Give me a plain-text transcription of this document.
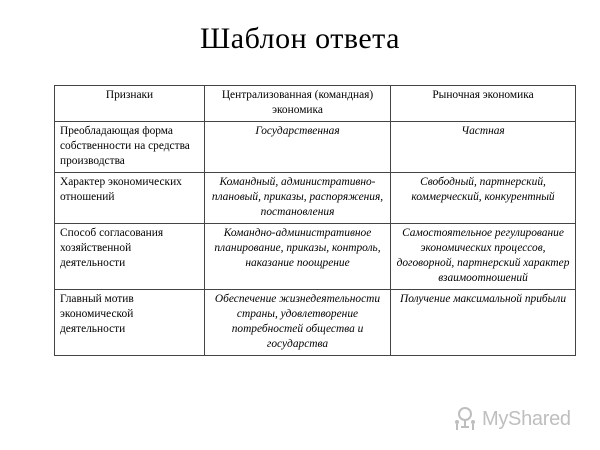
Шаблон ответа
Признаки	Централизованная (командная) экономика	Рыночная экономика
Преобладающая форма собственности на средства производства	Государственная	Частная
Характер экономических отношений	Командный, административно-плановый, приказы, распоряжения, постановления	Свободный, партнерский, коммерческий, конкурентный
Способ согласования хозяйственной деятельности	Командно-административное планирование, приказы, контроль, наказание поощрение	Самостоятельное регулирование экономических процессов, договорной, партнерский характер взаимоотношений
Главный мотив экономической деятельности	Обеспечение жизнедеятельности страны, удовлетворение потребностей общества и государства	Получение максимальной прибыли
MyShared
